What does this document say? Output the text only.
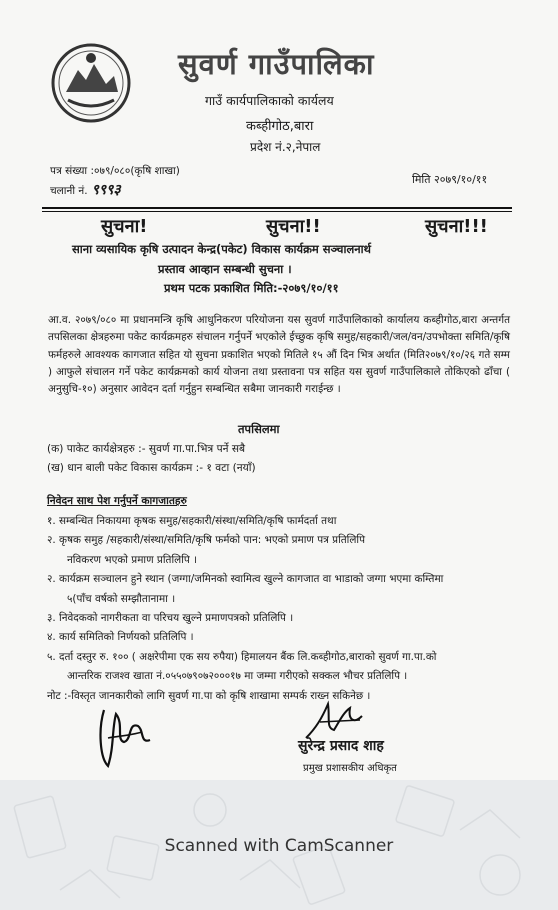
सुवर्ण गाउँपालिका
गाउँ कार्यपालिकाको कार्यलय
कब्हीगोठ,बारा
प्रदेश नं.२,नेपाल
पत्र संख्या :०७९/०८०(कृषि शाखा)
चलानी नं. ९९९३
मिति २०७९/१०/११
सुचना!	सुचना!!	सुचना!!!
साना व्यसायिक कृषि उत्पादन केन्द्र(पकेट) विकास कार्यक्रम सञ्चालनार्थ
प्रस्ताव आव्हान सम्बन्धी सुचना ।
प्रथम पटक प्रकाशित मिति:-२०७९/१०/११
आ.व. २०७९/०८० मा प्रधानमन्त्रि कृषि आधुनिकरण परियोजना यस सुवर्ण गाउँपालिकाको कार्यालय कब्हीगोठ,बारा अन्तर्गत तपसिलका क्षेत्रहरुमा पकेट कार्यक्रमहरु संचालन गर्नुपर्ने भएकोले ईच्छुक कृषि समुह/सहकारी/जल/वन/उपभोक्ता समिति/कृषि फर्महरुले आवश्यक कागजात सहित यो सुचना प्रकाशित भएको मितिले १५ औं दिन भित्र अर्थात (मिति२०७९/१०/२६ गते सम्म ) आफुले संचालन गर्ने पकेट कार्यक्रमको कार्य योजना तथा प्रस्तावना पत्र सहित यस सुवर्ण गाउँपालिकाले तोकिएको ढाँचा ( अनुसुचि-१०) अनुसार आवेदन दर्ता गर्नुहुन सम्बन्धित सबैमा जानकारी गराईन्छ ।
तपसिलमा
(क) पाकेट कार्यक्षेत्रहरु :- सुवर्ण गा.पा.भित्र पर्ने सबै
(ख) धान बाली पकेट विकास कार्यक्रम :- १ वटा (नयाँ)
निवेदन साथ पेश गर्नुपर्ने कागजातहरु
१. सम्बन्धित निकायमा कृषक समुह/सहकारी/संस्था/समिति/कृषि फार्मदर्ता तथा
२. कृषक समुह /सहकारी/संस्था/समिति/कृषि फर्मको पान: भएको प्रमाण पत्र प्रतिलिपि
नविकरण भएको प्रमाण प्रतिलिपि ।
२. कार्यक्रम सञ्चालन हुने स्थान (जग्गा/जमिनको स्वामित्व खुल्ने कागजात वा भाडाको जग्गा भएमा कम्तिमा
५(पाँच वर्षको सम्झौतानामा ।
३. निवेदकको नागरीकता वा परिचय खुल्ने प्रमाणपत्रको प्रतिलिपि ।
४. कार्य समितिको निर्णयको प्रतिलिपि ।
५. दर्ता दस्तुर रु. १०० ( अक्षरेपीमा एक सय रुपैया) हिमालयन बैंक लि.कब्हीगोठ,बाराको सुवर्ण गा.पा.को
आन्तरिक राजश्व खाता नं.०५५०७९०७२०००१७ मा जम्मा गरीएको सक्कल भौचर प्रतिलिपि ।
नोट :-विस्तृत जानकारीको लागि सुवर्ण गा.पा को कृषि शाखामा सम्पर्क राख्न सकिनेछ ।
सुरेन्द्र प्रसाद शाह
प्रमुख प्रशासकीय अधिकृत
Scanned with CamScanner
